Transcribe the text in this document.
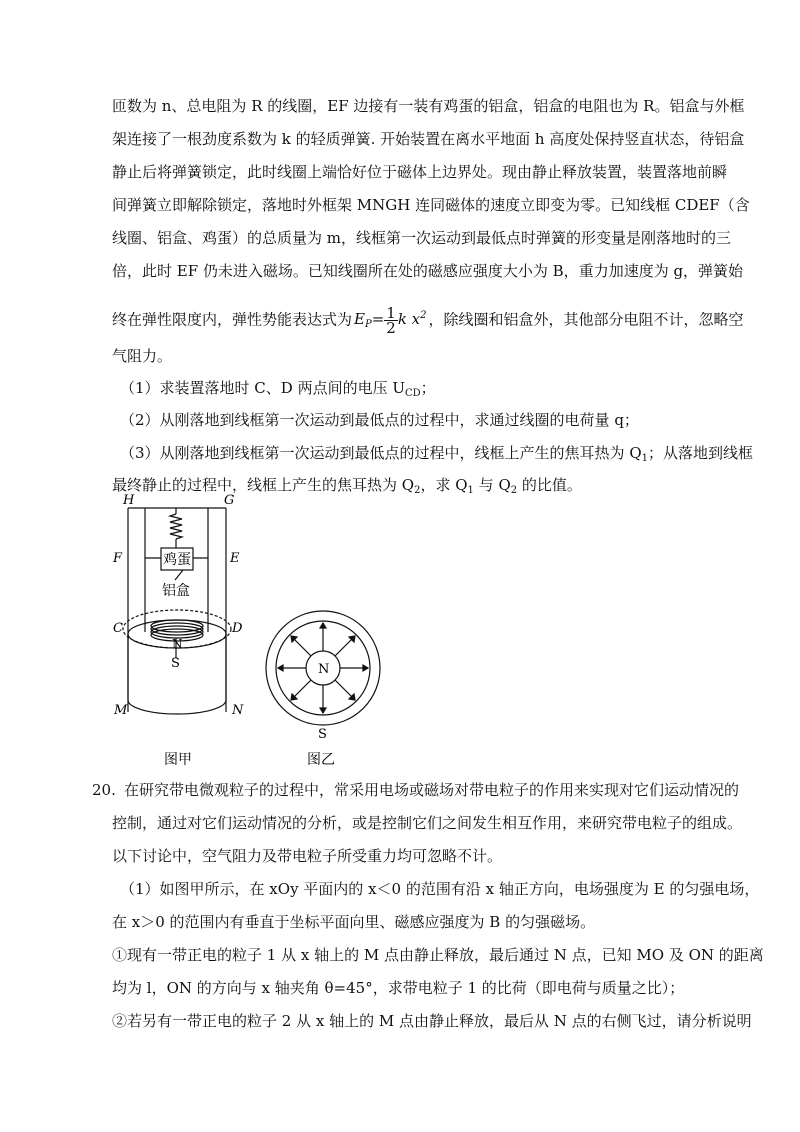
匝数为 n、总电阻为 R 的线圈，EF 边接有一装有鸡蛋的铝盒，铝盒的电阻也为 R。铝盒与外框
架连接了一根劲度系数为 k 的轻质弹簧. 开始装置在离水平地面 h 高度处保持竖直状态，待铝盒
静止后将弹簧锁定，此时线圈上端恰好位于磁体上边界处。现由静止释放装置，装置落地前瞬
间弹簧立即解除锁定，落地时外框架 MNGH 连同磁体的速度立即变为零。已知线框 CDEF（含
线圈、铝盒、鸡蛋）的总质量为 m，线框第一次运动到最低点时弹簧的形变量是刚落地时的三
倍，此时 EF 仍未进入磁场。已知线圈所在处的磁感应强度大小为 B，重力加速度为 g，弹簧始
终在弹性限度内，弹性势能表达式为 $E_P= \frac{1}{2}$ k $x^2$ ，除线圈和铝盒外，其他部分电阻不计，忽略空
气阻力。
（1）求装置落地时 C、D 两点间的电压 $U_{CD}$；
（2）从刚落地到线框第一次运动到最低点的过程中，求通过线圈的电荷量 q；
（3）从刚落地到线框第一次运动到最低点的过程中，线框上产生的焦耳热为 $Q_1$；从落地到线框
最终静止的过程中，线框上产生的焦耳热为 $Q_2$，求 $Q_1$ 与 $Q_2$ 的比值。
H	G
F	E
C	D
M	N
N
S
鸡蛋
铝盒
图甲
N
S
图乙
20. 在研究带电微观粒子的过程中，常采用电场或磁场对带电粒子的作用来实现对它们运动情况的
控制，通过对它们运动情况的分析，或是控制它们之间发生相互作用，来研究带电粒子的组成。
以下讨论中，空气阻力及带电粒子所受重力均可忽略不计。
（1）如图甲所示，在 xOy 平面内的 x＜0 的范围有沿 x 轴正方向，电场强度为 E 的匀强电场，
在 x＞0 的范围内有垂直于坐标平面向里、磁感应强度为 B 的匀强磁场。
①现有一带正电的粒子 1 从 x 轴上的 M 点由静止释放，最后通过 N 点，已知 MO 及 ON 的距离
均为 l，ON 的方向与 x 轴夹角 θ=45°，求带电粒子 1 的比荷（即电荷与质量之比）；
②若另有一带正电的粒子 2 从 x 轴上的 M 点由静止释放，最后从 N 点的右侧飞过，请分析说明
